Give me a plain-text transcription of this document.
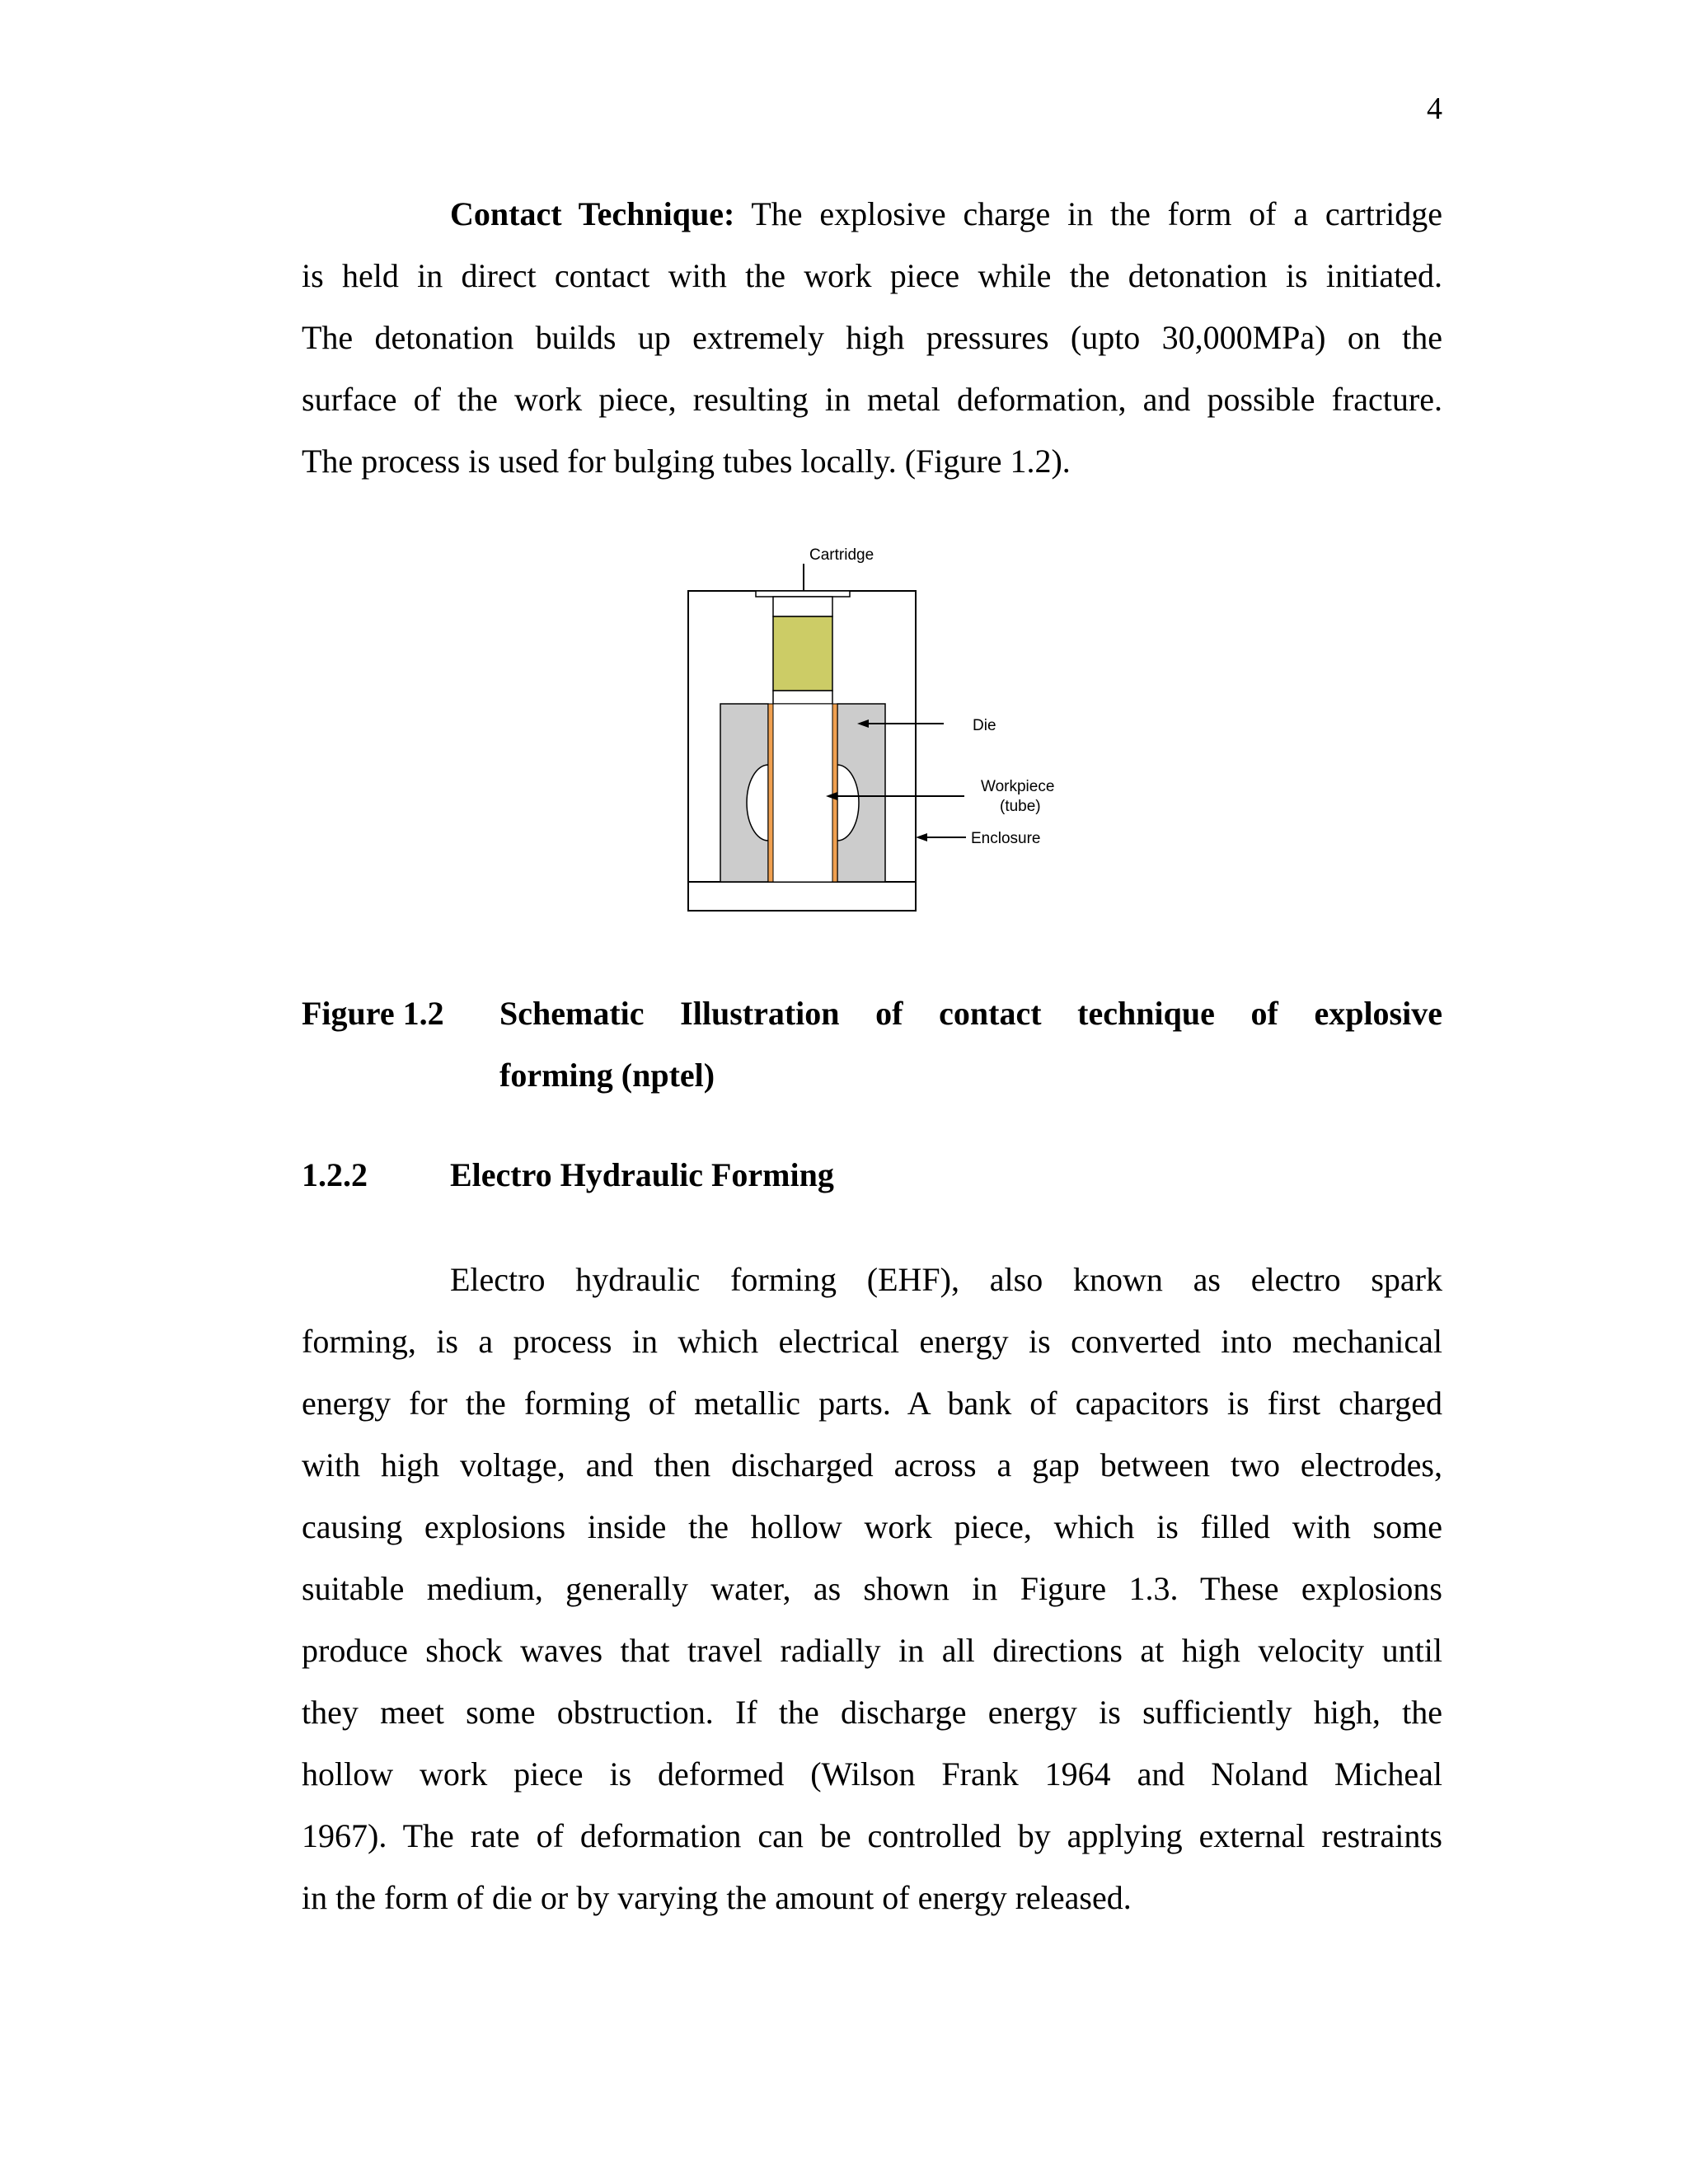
4
Contact Technique: The explosive charge in the form of a cartridge
is held in direct contact with the work piece while the detonation is initiated.
The detonation builds up extremely high pressures (upto 30,000MPa) on the
surface of the work piece, resulting in metal deformation, and possible fracture.
The process is used for bulging tubes locally. (Figure 1.2).
Cartridge
Die
Workpiece
(tube)
Enclosure
Figure 1.2 Schematic Illustration of contact technique of explosive
forming (nptel)
1.2.2	Electro Hydraulic Forming
Electro hydraulic forming (EHF), also known as electro spark
forming, is a process in which electrical energy is converted into mechanical
energy for the forming of metallic parts. A bank of capacitors is first charged
with high voltage, and then discharged across a gap between two electrodes,
causing explosions inside the hollow work piece, which is filled with some
suitable medium, generally water, as shown in Figure 1.3. These explosions
produce shock waves that travel radially in all directions at high velocity until
they meet some obstruction. If the discharge energy is sufficiently high, the
hollow work piece is deformed (Wilson Frank 1964 and Noland Micheal
1967). The rate of deformation can be controlled by applying external restraints
in the form of die or by varying the amount of energy released.
